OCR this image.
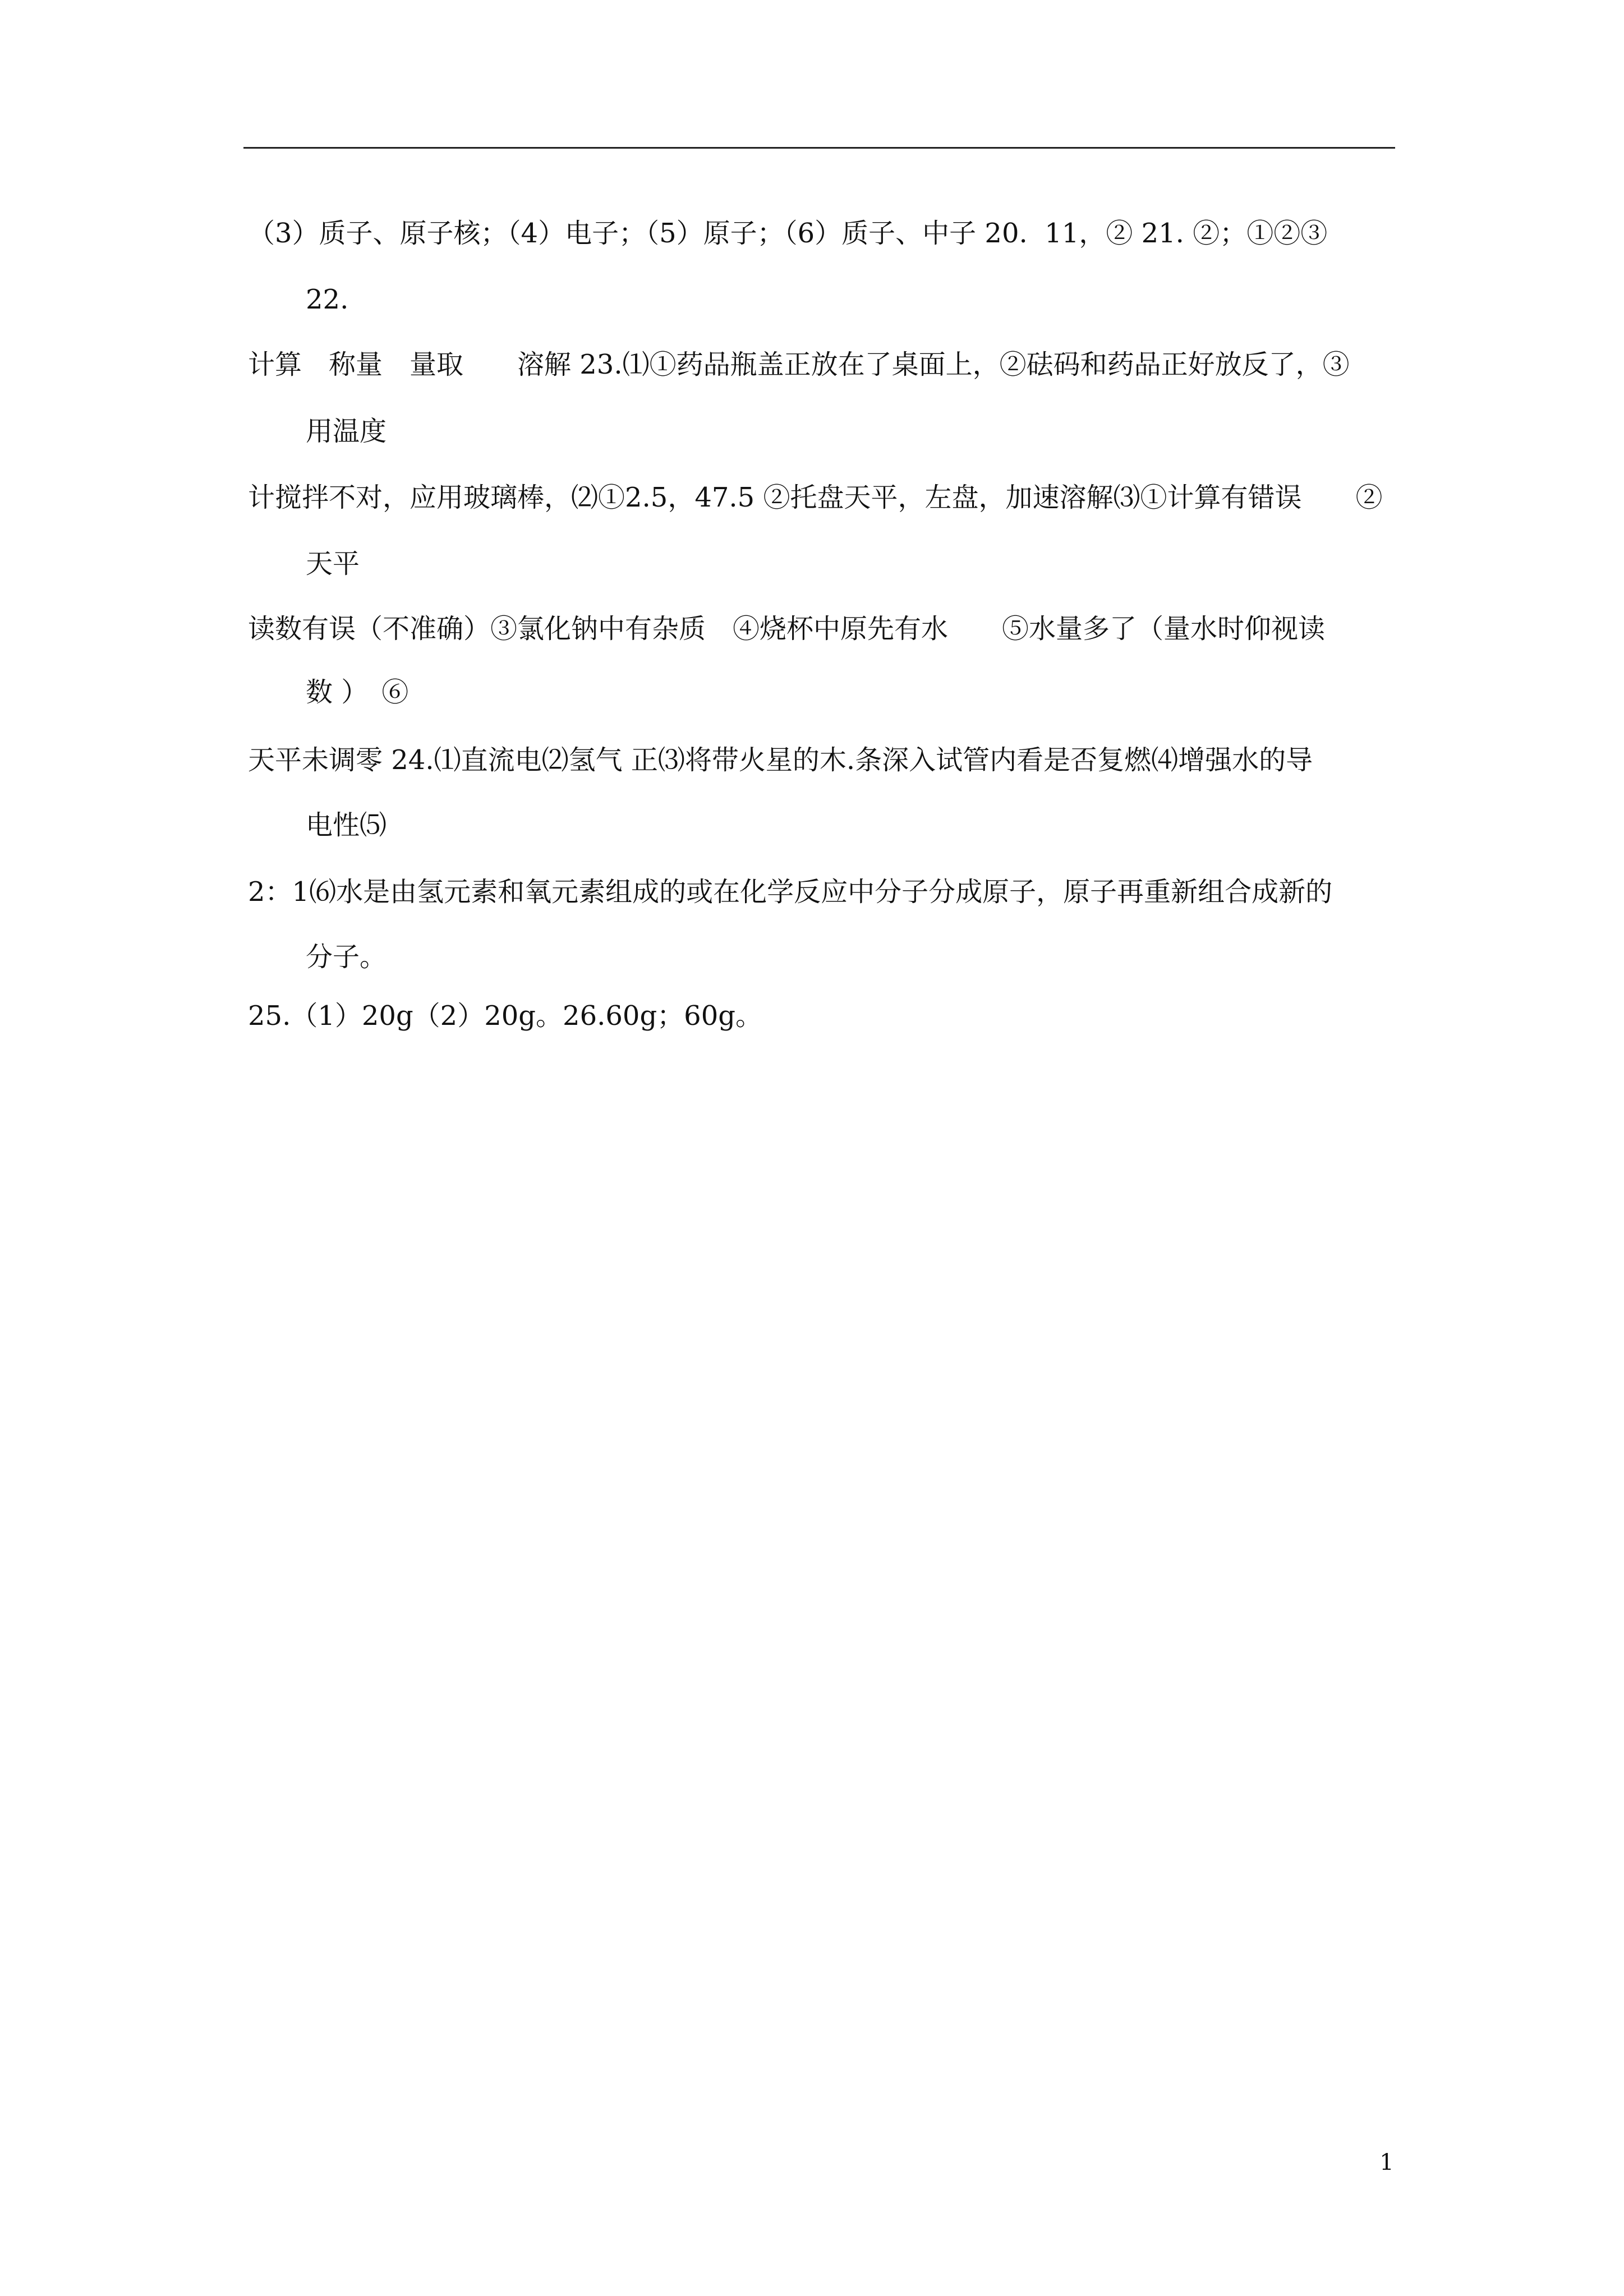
（3）质子、原子核；（4）电子；（5）原子；（6）质子、中子 20.  11，② 21. ②；①②③
22.
计算　称量　量取　　溶解 23.⑴①药品瓶盖正放在了桌面上，②砝码和药品正好放反了，③
用温度
计搅拌不对，应用玻璃棒，⑵①2.5，47.5 ②托盘天平，左盘，加速溶解⑶①计算有错误　　②
天平
读数有误（不准确）③氯化钠中有杂质　④烧杯中原先有水　　⑤水量多了（量水时仰视读
数 ）　⑥
天平未调零 24.⑴直流电⑵氢气 正⑶将带火星的木.条深入试管内看是否复燃⑷增强水的导
电性⑸
2：1⑹水是由氢元素和氧元素组成的或在化学反应中分子分成原子，原子再重新组合成新的
分子。
25.（1）20g（2）20g。26.60g；60g。
1
